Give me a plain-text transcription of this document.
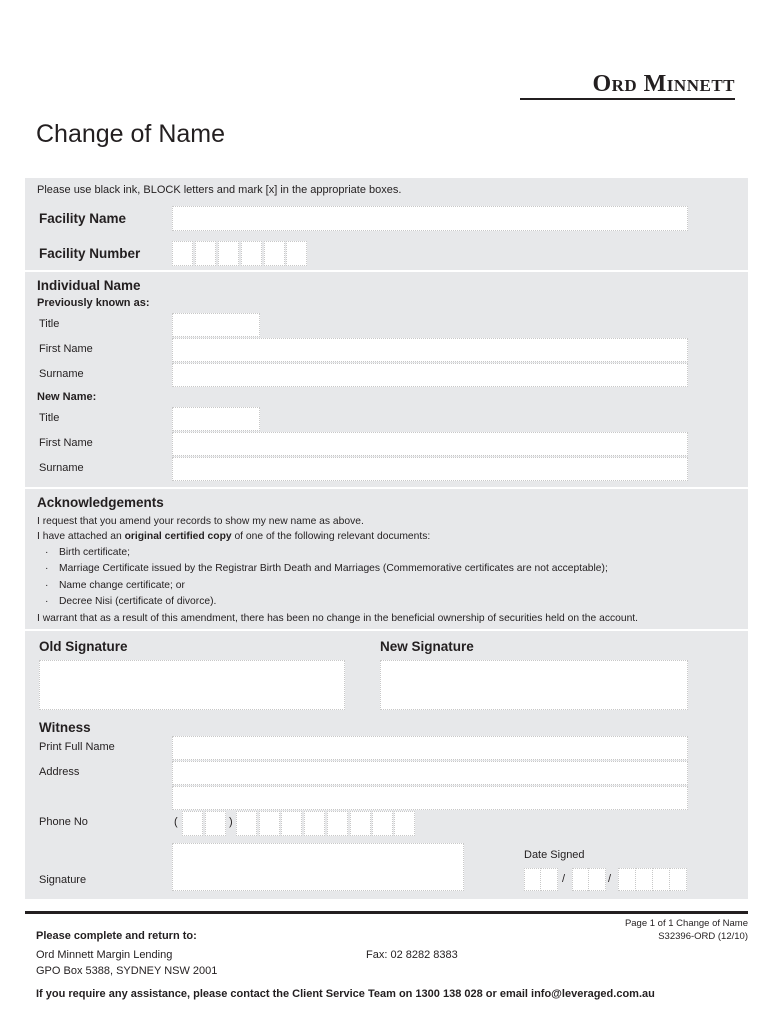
Ord Minnett
Change of Name
Please use black ink, BLOCK letters and mark [x] in the appropriate boxes.
Facility Name
Facility Number
Individual Name
Previously known as:
Title
First Name
Surname
New Name:
Title
First Name
Surname
Acknowledgements
I request that you amend your records to show my new name as above.
I have attached an original certified copy of one of the following relevant documents:
· Birth certificate;
· Marriage Certificate issued by the Registrar Birth Death and Marriages (Commemorative certificates are not acceptable);
· Name change certificate; or
· Decree Nisi (certificate of divorce).
I warrant that as a result of this amendment, there has been no change in the beneficial ownership of securities held on the account.
Old Signature	New Signature
Witness
Print Full Name
Address
Phone No	(	)
Signature
Date Signed
/	/
Page 1 of 1 Change of Name
S32396-ORD (12/10)
Please complete and return to:
Ord Minnett Margin Lending
GPO Box 5388, SYDNEY NSW 2001
Fax: 02 8282 8383
If you require any assistance, please contact the Client Service Team on 1300 138 028 or email info@leveraged.com.au
